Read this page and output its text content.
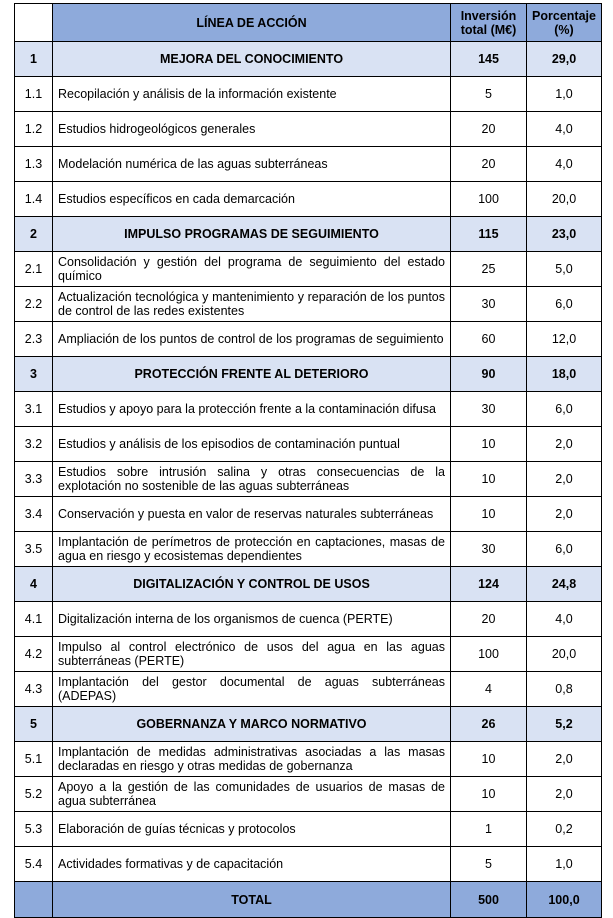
	LÍNEA DE ACCIÓN	Inversión total (M€)	Porcentaje (%)
1	MEJORA DEL CONOCIMIENTO	145	29,0
1.1	Recopilación y análisis de la información existente	5	1,0
1.2	Estudios hidrogeológicos generales	20	4,0
1.3	Modelación numérica de las aguas subterráneas	20	4,0
1.4	Estudios específicos en cada demarcación	100	20,0
2	IMPULSO PROGRAMAS DE SEGUIMIENTO	115	23,0
2.1	Consolidación y gestión del programa de seguimiento del estado químico	25	5,0
2.2	Actualización tecnológica y mantenimiento y reparación de los puntos de control de las redes existentes	30	6,0
2.3	Ampliación de los puntos de control de los programas de seguimiento	60	12,0
3	PROTECCIÓN FRENTE AL DETERIORO	90	18,0
3.1	Estudios y apoyo para la protección frente a la contaminación difusa	30	6,0
3.2	Estudios y análisis de los episodios de contaminación puntual	10	2,0
3.3	Estudios sobre intrusión salina y otras consecuencias de la explotación no sostenible de las aguas subterráneas	10	2,0
3.4	Conservación y puesta en valor de reservas naturales subterráneas	10	2,0
3.5	Implantación de perímetros de protección en captaciones, masas de agua en riesgo y ecosistemas dependientes	30	6,0
4	DIGITALIZACIÓN Y CONTROL DE USOS	124	24,8
4.1	Digitalización interna de los organismos de cuenca (PERTE)	20	4,0
4.2	Impulso al control electrónico de usos del agua en las aguas subterráneas (PERTE)	100	20,0
4.3	Implantación del gestor documental de aguas subterráneas (ADEPAS)	4	0,8
5	GOBERNANZA Y MARCO NORMATIVO	26	5,2
5.1	Implantación de medidas administrativas asociadas a las masas declaradas en riesgo y otras medidas de gobernanza	10	2,0
5.2	Apoyo a la gestión de las comunidades de usuarios de masas de agua subterránea	10	2,0
5.3	Elaboración de guías técnicas y protocolos	1	0,2
5.4	Actividades formativas y de capacitación	5	1,0
	TOTAL	500	100,0
